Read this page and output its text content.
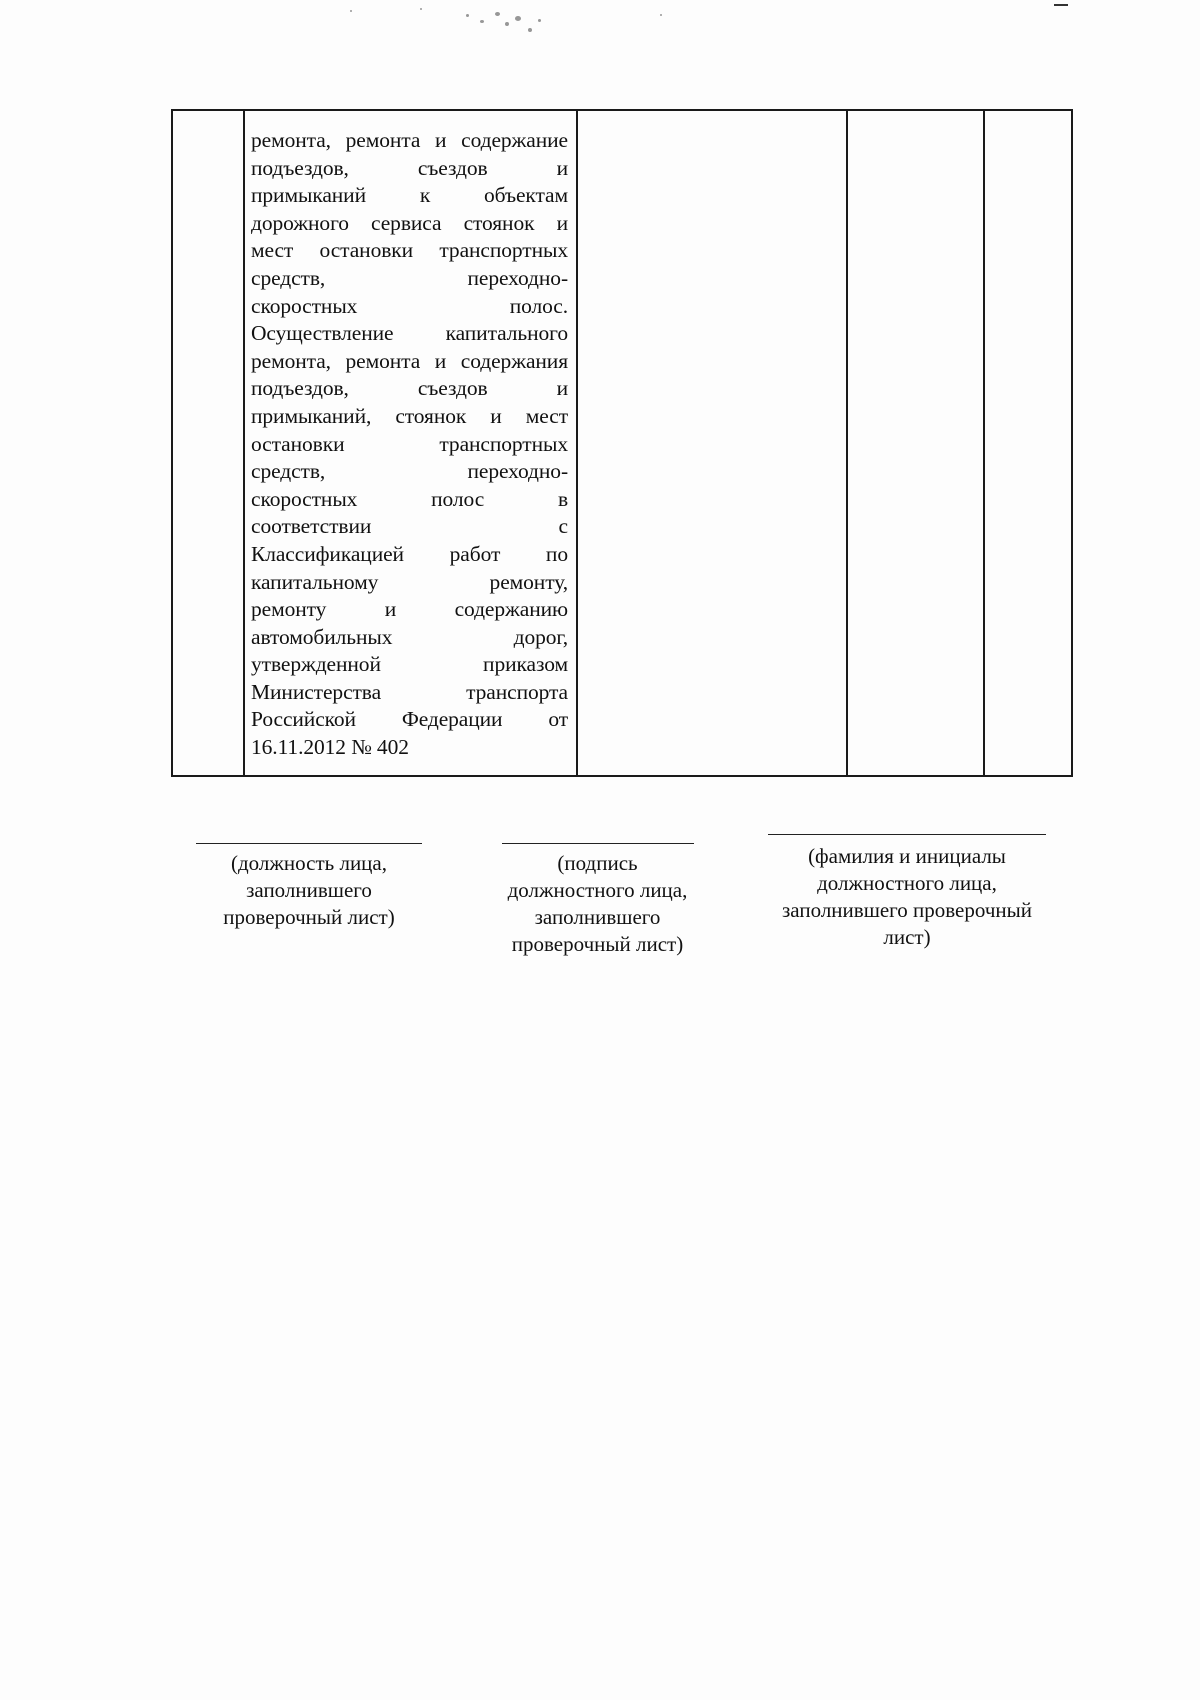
ремонта, ремонта и содержание
подъездов, съездов и
примыканий к объектам
дорожного сервиса стоянок и
мест остановки транспортных
средств, переходно-
скоростных полос.
Осуществление капитального
ремонта, ремонта и содержания
подъездов, съездов и
примыканий, стоянок и мест
остановки транспортных
средств, переходно-
скоростных полос в
соответствии с
Классификацией работ по
капитальному ремонту,
ремонту и содержанию
автомобильных дорог,
утвержденной приказом
Министерства транспорта
Российской Федерации от
16.11.2012 № 402

(должность лица,
заполнившего
проверочный лист)
(подпись
должностного лица,
заполнившего
проверочный лист)
(фамилия и инициалы
должностного лица,
заполнившего проверочный
лист)
